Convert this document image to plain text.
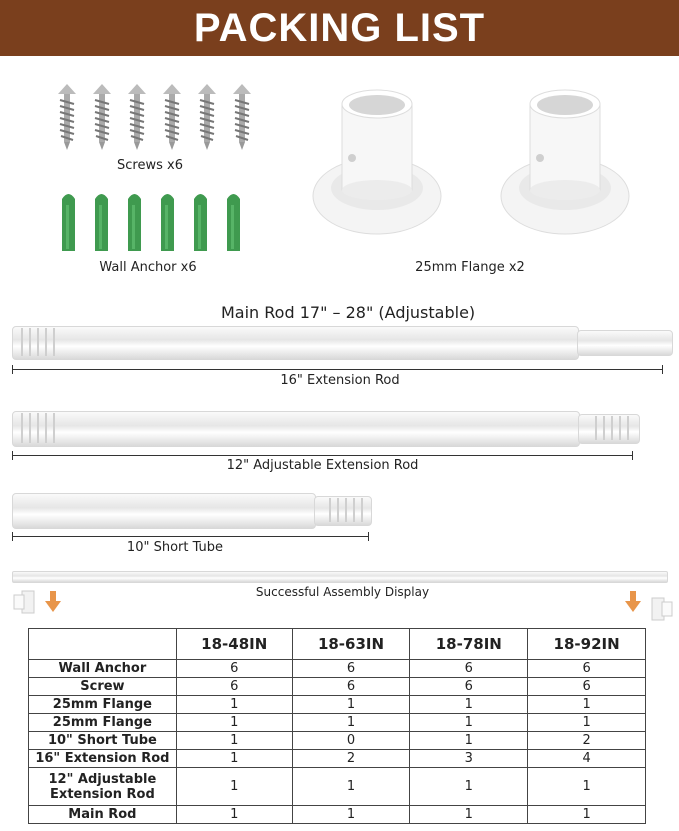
PACKING LIST
Screws x6
Wall Anchor x6	25mm Flange x2
Main Rod 17" – 28" (Adjustable)
16" Extension Rod
12" Adjustable Extension Rod
10" Short Tube
Successful Assembly Display
	18-48IN	18-63IN	18-78IN	18-92IN
Wall Anchor	6	6	6	6
Screw	6	6	6	6
25mm Flange	1	1	1	1
25mm Flange	1	1	1	1
10" Short Tube	1	0	1	2
16" Extension Rod	1	2	3	4
12" Adjustable Extension Rod	1	1	1	1
Main Rod	1	1	1	1
